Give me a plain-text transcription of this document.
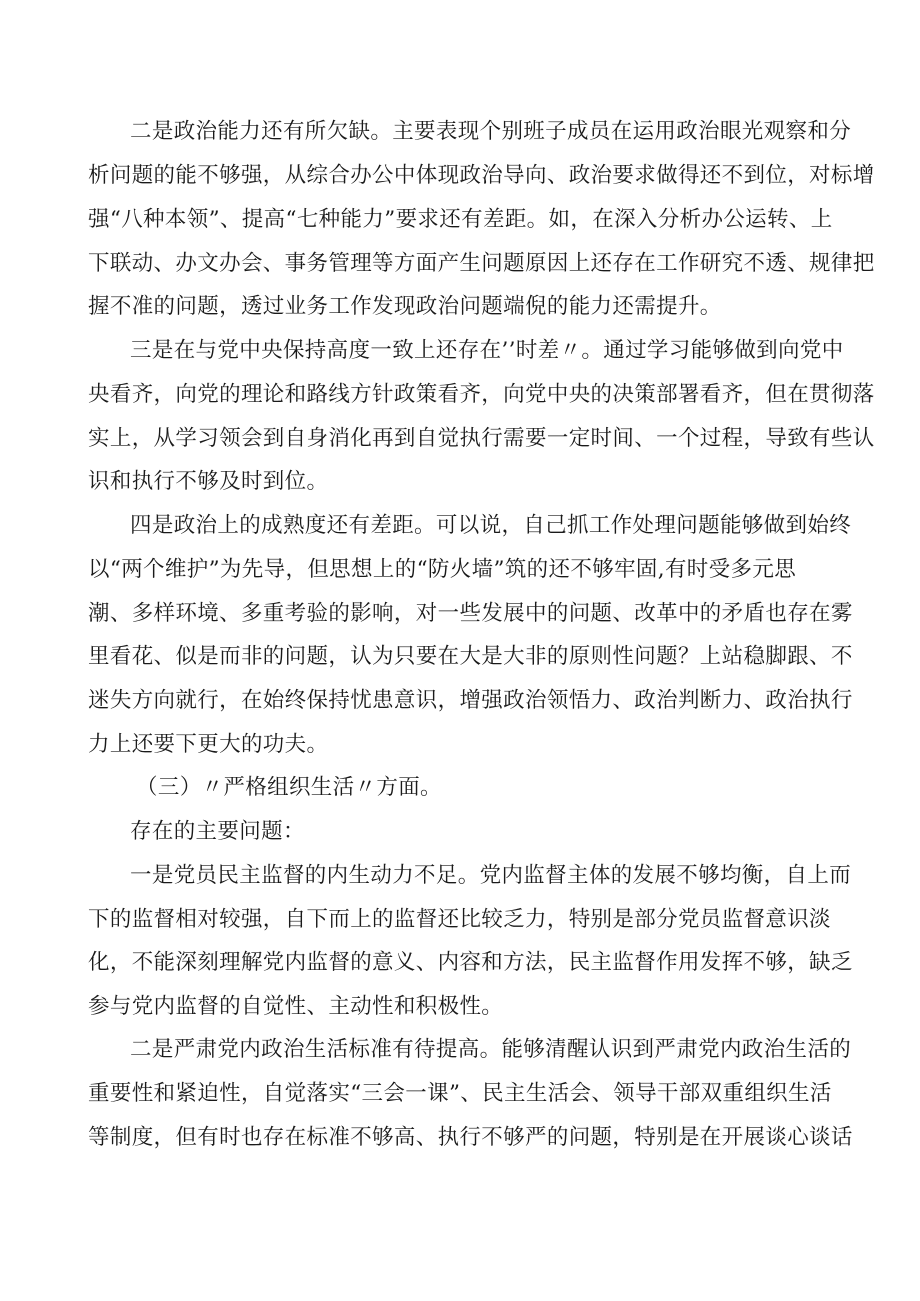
二是政治能力还有所欠缺。主要表现个别班子成员在运用政治眼光观察和分
析问题的能不够强，从综合办公中体现政治导向、政治要求做得还不到位，对标增
强“八种本领”、提高“七种能力”要求还有差距。如，在深入分析办公运转、上
下联动、办文办会、事务管理等方面产生问题原因上还存在工作研究不透、规律把
握不准的问题，透过业务工作发现政治问题端倪的能力还需提升。
三是在与党中央保持高度一致上还存在’’时差〃。通过学习能够做到向党中
央看齐，向党的理论和路线方针政策看齐，向党中央的决策部署看齐，但在贯彻落
实上，从学习领会到自身消化再到自觉执行需要一定时间、一个过程，导致有些认
识和执行不够及时到位。
四是政治上的成熟度还有差距。可以说，自己抓工作处理问题能够做到始终
以“两个维护”为先导，但思想上的“防火墙”筑的还不够牢固,有时受多元思
潮、多样环境、多重考验的影响，对一些发展中的问题、改革中的矛盾也存在雾
里看花、似是而非的问题，认为只要在大是大非的原则性问题？上站稳脚跟、不
迷失方向就行，在始终保持忧患意识，增强政治领悟力、政治判断力、政治执行
力上还要下更大的功夫。
（三）〃严格组织生活〃方面。
存在的主要问题：
一是党员民主监督的内生动力不足。党内监督主体的发展不够均衡，自上而
下的监督相对较强，自下而上的监督还比较乏力，特别是部分党员监督意识淡
化，不能深刻理解党内监督的意义、内容和方法，民主监督作用发挥不够，缺乏
参与党内监督的自觉性、主动性和积极性。
二是严肃党内政治生活标准有待提高。能够清醒认识到严肃党内政治生活的
重要性和紧迫性，自觉落实“三会一课”、民主生活会、领导干部双重组织生活
等制度，但有时也存在标准不够高、执行不够严的问题，特别是在开展谈心谈话
